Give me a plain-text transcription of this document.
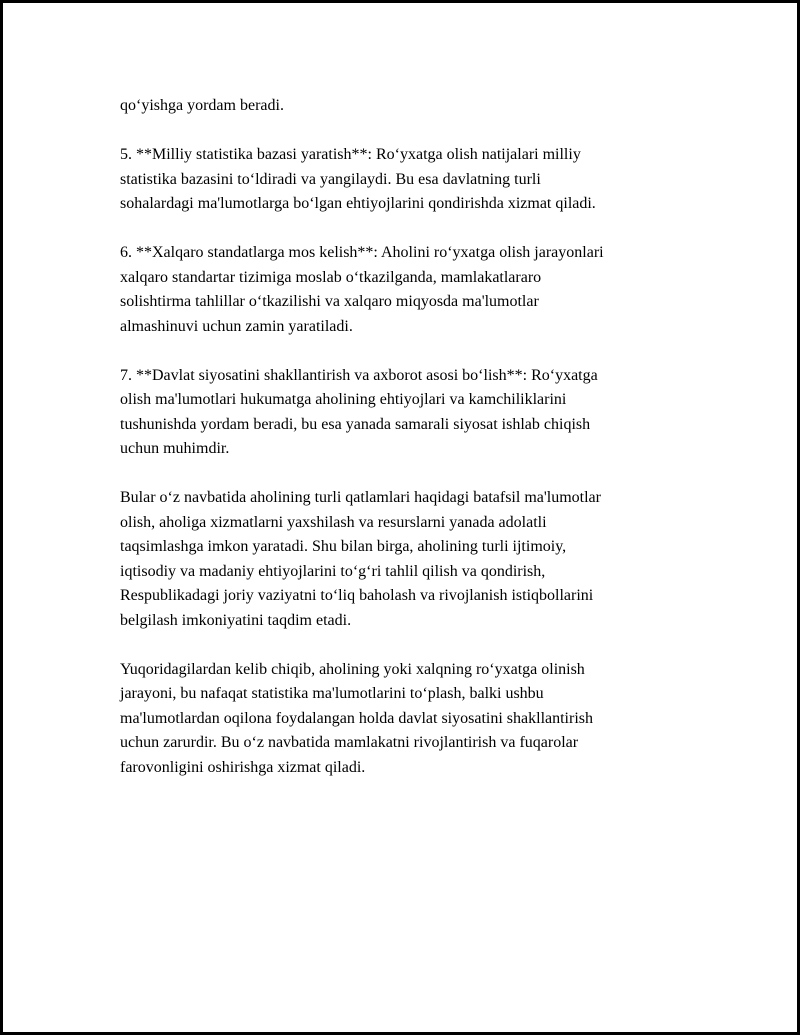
qo‘yishga yordam beradi.
5. **Milliy statistika bazasi yaratish**: Ro‘yxatga olish natijalari milliy
statistika bazasini to‘ldiradi va yangilaydi. Bu esa davlatning turli
sohalardagi ma'lumotlarga bo‘lgan ehtiyojlarini qondirishda xizmat qiladi.
6. **Xalqaro standatlarga mos kelish**: Aholini ro‘yxatga olish jarayonlari
xalqaro standartar tizimiga moslab o‘tkazilganda, mamlakatlararo
solishtirma tahlillar o‘tkazilishi va xalqaro miqyosda ma'lumotlar
almashinuvi uchun zamin yaratiladi.
7. **Davlat siyosatini shakllantirish va axborot asosi bo‘lish**: Ro‘yxatga
olish ma'lumotlari hukumatga aholining ehtiyojlari va kamchiliklarini
tushunishda yordam beradi, bu esa yanada samarali siyosat ishlab chiqish
uchun muhimdir.
Bular o‘z navbatida aholining turli qatlamlari haqidagi batafsil ma'lumotlar
olish, aholiga xizmatlarni yaxshilash va resurslarni yanada adolatli
taqsimlashga imkon yaratadi. Shu bilan birga, aholining turli ijtimoiy,
iqtisodiy va madaniy ehtiyojlarini to‘g‘ri tahlil qilish va qondirish,
Respublikadagi joriy vaziyatni to‘liq baholash va rivojlanish istiqbollarini
belgilash imkoniyatini taqdim etadi.
Yuqoridagilardan kelib chiqib, aholining yoki xalqning ro‘yxatga olinish
jarayoni, bu nafaqat statistika ma'lumotlarini to‘plash, balki ushbu
ma'lumotlardan oqilona foydalangan holda davlat siyosatini shakllantirish
uchun zarurdir. Bu o‘z navbatida mamlakatni rivojlantirish va fuqarolar
farovonligini oshirishga xizmat qiladi.
